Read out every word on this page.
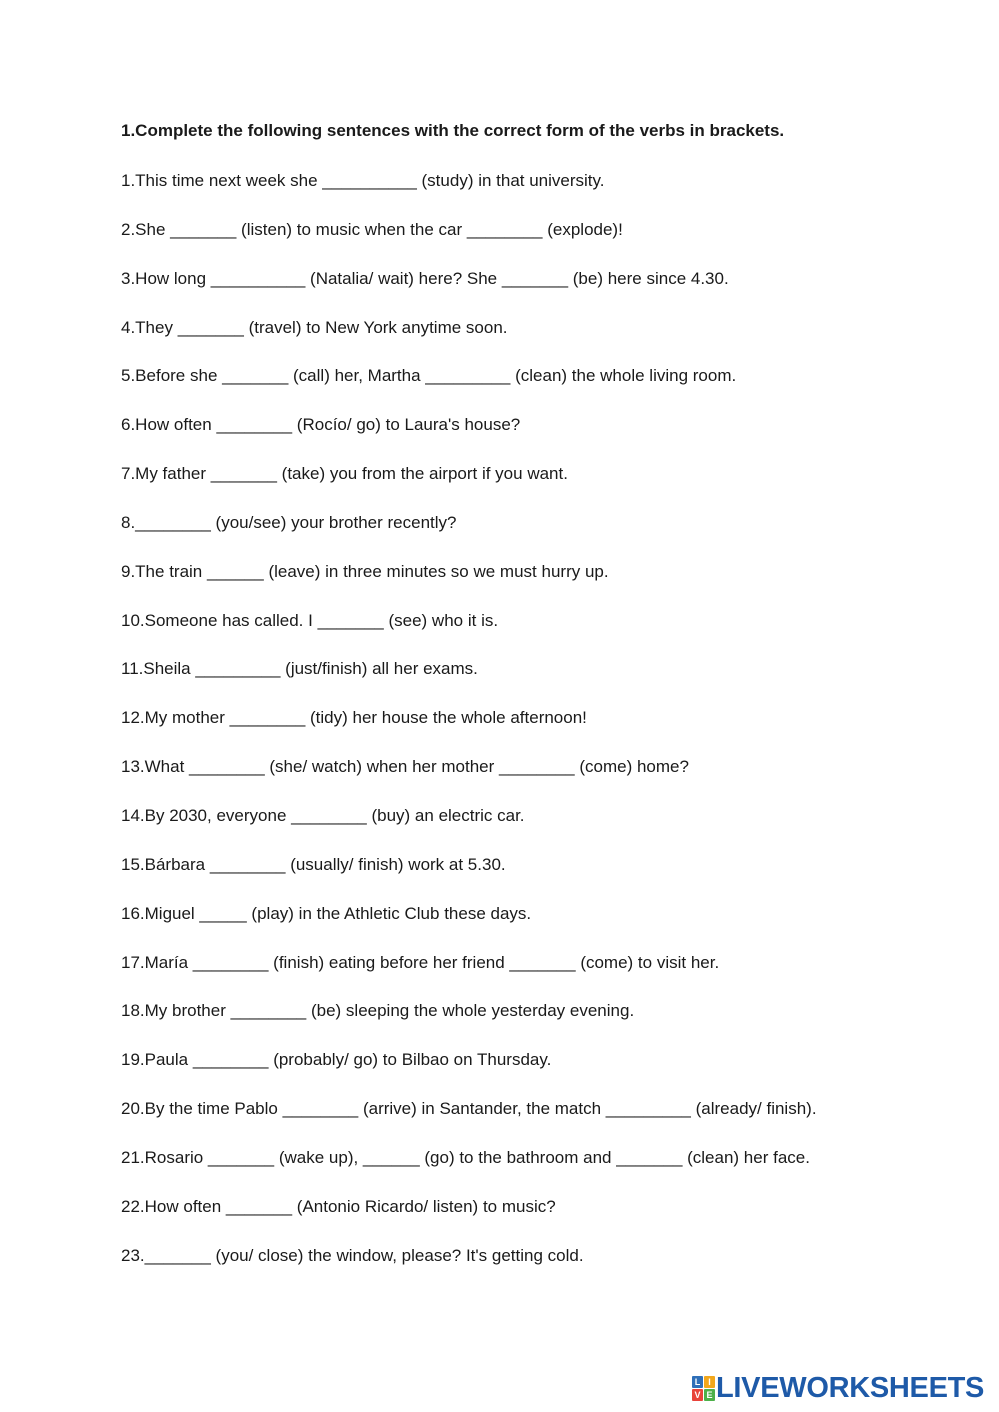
1.Complete the following sentences with the correct form of the verbs in brackets.
1.This time next week she __________ (study) in that university.
2.She _______ (listen) to music when the car ________ (explode)!
3.How long __________ (Natalia/ wait) here? She _______ (be) here since 4.30.
4.They _______ (travel) to New York anytime soon.
5.Before she _______ (call) her, Martha _________ (clean) the whole living room.
6.How often ________ (Rocío/ go) to Laura's house?
7.My father _______ (take) you from the airport if you want.
8.________ (you/see) your brother recently?
9.The train ______ (leave) in three minutes so we must hurry up.
10.Someone has called. I _______ (see) who it is.
11.Sheila _________ (just/finish) all her exams.
12.My mother ________ (tidy) her house the whole afternoon!
13.What ________ (she/ watch) when her mother ________ (come) home?
14.By 2030, everyone ________ (buy) an electric car.
15.Bárbara ________ (usually/ finish) work at 5.30.
16.Miguel _____ (play) in the Athletic Club these days.
17.María ________ (finish) eating before her friend _______ (come) to visit her.
18.My brother ________ (be) sleeping the whole yesterday evening.
19.Paula ________ (probably/ go) to Bilbao on Thursday.
20.By the time Pablo ________ (arrive) in Santander, the match _________ (already/ finish).
21.Rosario _______ (wake up), ______ (go) to the bathroom and _______ (clean) her face.
22.How often _______ (Antonio Ricardo/ listen) to music?
23._______ (you/ close) the window, please? It's getting cold.
L I
V E LIVEWORKSHEETS
